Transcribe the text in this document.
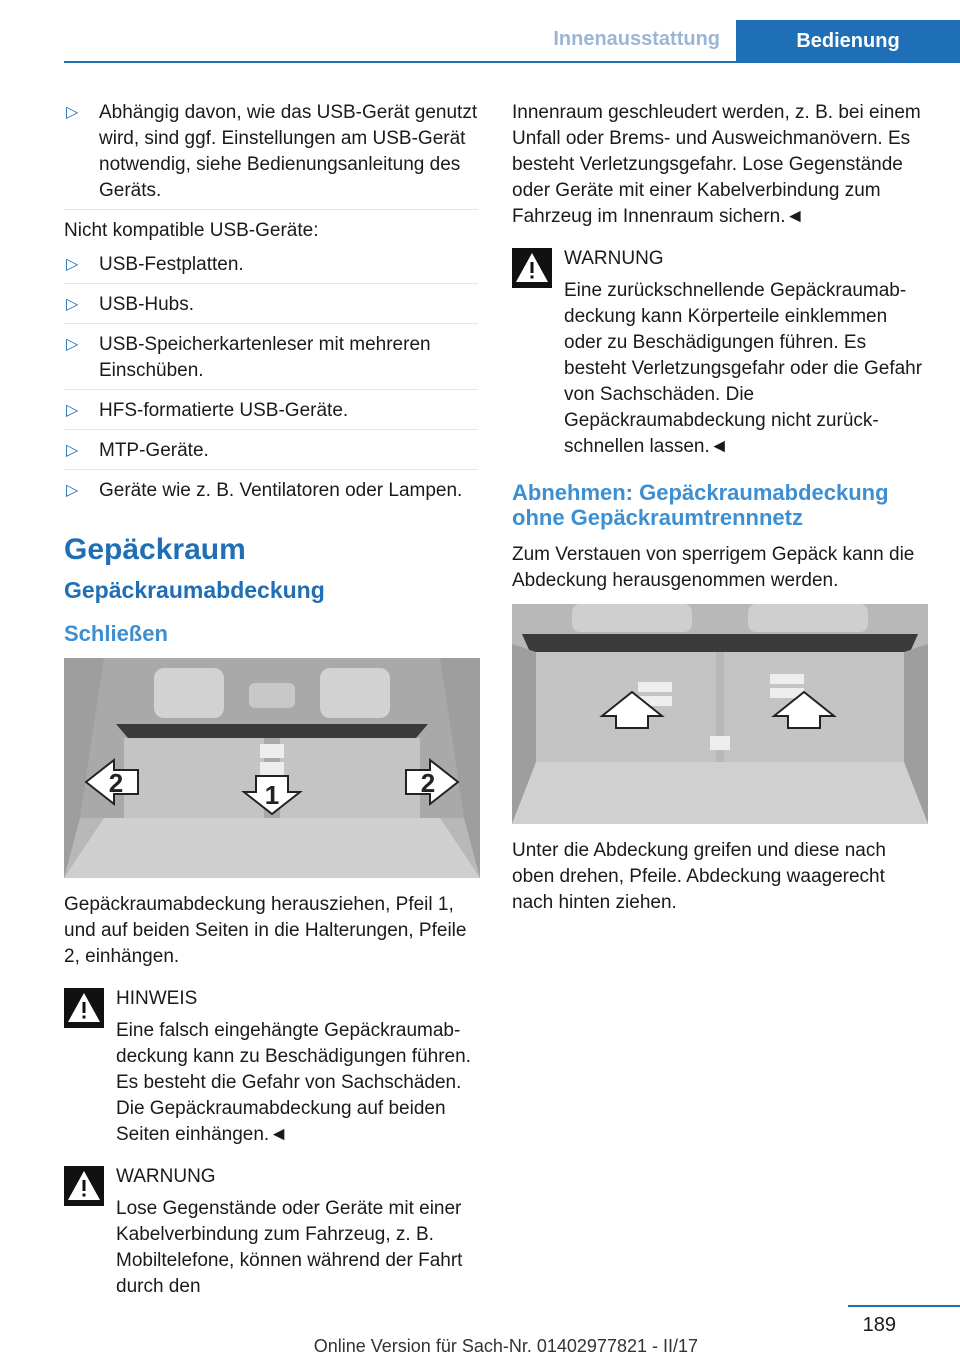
Innenausstattung	Bedienung
▷ Abhängig davon, wie das USB-Gerät genutzt wird, sind ggf. Einstellungen am USB-Gerät notwendig, siehe Bedienungsanleitung des Geräts.

Nicht kompatible USB-Geräte:

▷ USB-Festplatten.
▷ USB-Hubs.
▷ USB-Speicherkartenleser mit mehreren Einschüben.
▷ HFS-formatierte USB-Geräte.
▷ MTP-Geräte.
▷ Geräte wie z. B. Ventilatoren oder Lampen.
Gepäckraum
Gepäckraumabdeckung
Schließen
1
2	2

Gepäckraumabdeckung herausziehen, Pfeil 1, und auf beiden Seiten in die Halterungen, Pfeile 2, einhängen.

HINWEIS
Eine falsch eingehängte Gepäckraumabdeckung kann zu Beschädigungen führen. Es besteht die Gefahr von Sachschäden. Die Gepäckraumabdeckung auf beiden Seiten einhängen.◄
WARNUNG
Lose Gegenstände oder Geräte mit einer Kabelverbindung zum Fahrzeug, z. B. Mobiltelefone, können während der Fahrt durch den

Innenraum geschleudert werden, z. B. bei einem Unfall oder Brems- und Ausweichmanövern. Es besteht Verletzungsgefahr. Lose Gegenstände oder Geräte mit einer Kabelverbindung zum Fahrzeug im Innenraum sichern.◄

WARNUNG
Eine zurückschnellende Gepäckraumabdeckung kann Körperteile einklemmen oder zu Beschädigungen führen. Es besteht Verletzungsgefahr oder die Gefahr von Sachschäden. Die Gepäckraumabdeckung nicht zurückschnellen lassen.◄
Abnehmen: Gepäckraumabdeckung ohne Gepäckraumtrennnetz

Zum Verstauen von sperrigem Gepäck kann die Abdeckung herausgenommen werden.

Unter die Abdeckung greifen und diese nach oben drehen, Pfeile. Abdeckung waagerecht nach hinten ziehen.

189
Online Version für Sach-Nr. 01402977821 - II/17
